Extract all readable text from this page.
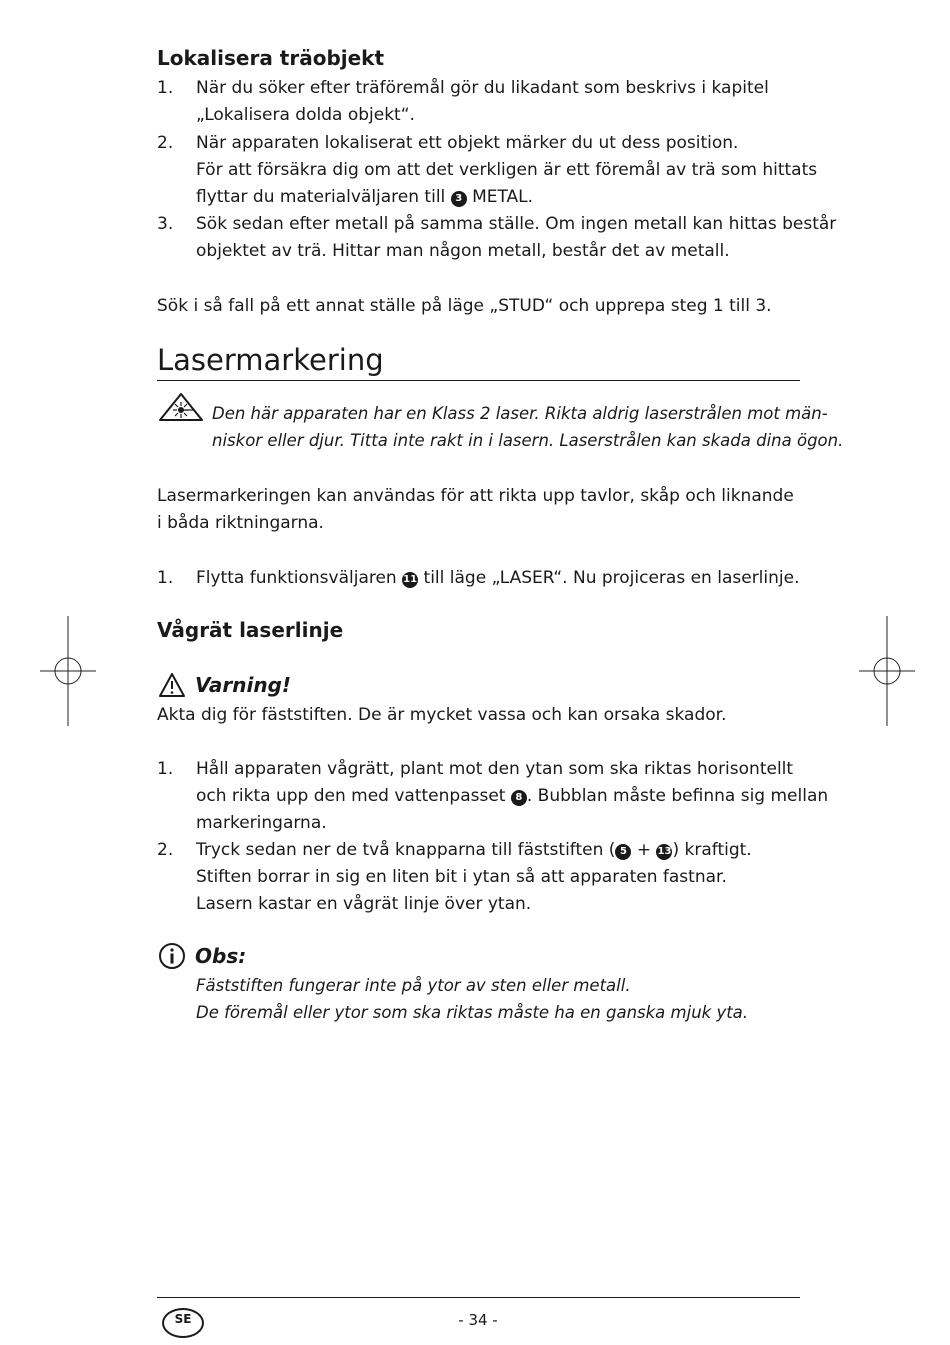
Lokalisera träobjekt
1. När du söker efter träföremål gör du likadant som beskrivs i kapitel
„Lokalisera dolda objekt“.
2. När apparaten lokaliserat ett objekt märker du ut dess position.
För att försäkra dig om att det verkligen är ett föremål av trä som hittats
flyttar du materialväljaren till 3 METAL.
3. Sök sedan efter metall på samma ställe. Om ingen metall kan hittas består
objektet av trä. Hittar man någon metall, består det av metall.
Sök i så fall på ett annat ställe på läge „STUD“ och upprepa steg 1 till 3.
Lasermarkering
Den här apparaten har en Klass 2 laser. Rikta aldrig laserstrålen mot män-
niskor eller djur. Titta inte rakt in i lasern. Laserstrålen kan skada dina ögon.
Lasermarkeringen kan användas för att rikta upp tavlor, skåp och liknande
i båda riktningarna.
1. Flytta funktionsväljaren 11 till läge „LASER“. Nu projiceras en laserlinje.
Vågrät laserlinje
Varning!
Akta dig för fäststiften. De är mycket vassa och kan orsaka skador.
1. Håll apparaten vågrätt, plant mot den ytan som ska riktas horisontellt
och rikta upp den med vattenpasset 8 . Bubblan måste befinna sig mellan
markeringarna.
2. Tryck sedan ner de två knapparna till fäststiften ( 5 + 13) kraftigt.
Stiften borrar in sig en liten bit i ytan så att apparaten fastnar.
Lasern kastar en vågrät linje över ytan.
Obs:
Fäststiften fungerar inte på ytor av sten eller metall.
De föremål eller ytor som ska riktas måste ha en ganska mjuk yta.
SE	- 34 -
